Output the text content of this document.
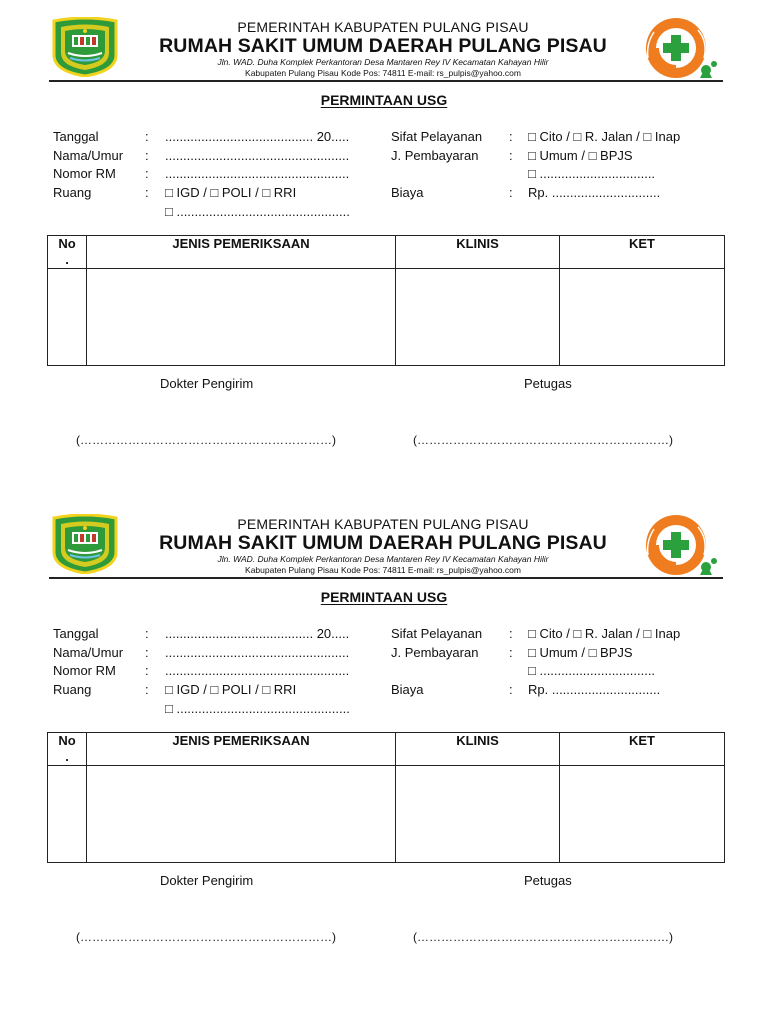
PEMERINTAH KABUPATEN PULANG PISAU
RUMAH SAKIT UMUM DAERAH PULANG PISAU
Jln. WAD. Duha Komplek Perkantoran Desa Mantaren Rey IV Kecamatan Kahayan Hilir
Kabupaten Pulang Pisau Kode Pos: 74811 E-mail: rs_pulpis@yahoo.com
PERMINTAAN USG
Tanggal	: ......................................... 20.....
Nama/Umur : ...................................................
Nomor RM : ...................................................
Ruang	: □ IGD / □ POLI / □ RRI
□ ................................................
Sifat Pelayanan : □ Cito / □ R. Jalan / □ Inap
J. Pembayaran : □ Umum / □ BPJS
□ ................................
Biaya	: Rp. ..............................
No
.	JENIS PEMERIKSAAN	KLINIS	KET

Dokter Pengirim	Petugas
(………………………………………………………)	(………………………………………………………)
PEMERINTAH KABUPATEN PULANG PISAU
RUMAH SAKIT UMUM DAERAH PULANG PISAU
Jln. WAD. Duha Komplek Perkantoran Desa Mantaren Rey IV Kecamatan Kahayan Hilir
Kabupaten Pulang Pisau Kode Pos: 74811 E-mail: rs_pulpis@yahoo.com
PERMINTAAN USG
Tanggal	: ......................................... 20.....
Nama/Umur : ...................................................
Nomor RM : ...................................................
Ruang	: □ IGD / □ POLI / □ RRI
□ ................................................
Sifat Pelayanan : □ Cito / □ R. Jalan / □ Inap
J. Pembayaran : □ Umum / □ BPJS
□ ................................
Biaya	: Rp. ..............................
No
.	JENIS PEMERIKSAAN	KLINIS	KET

Dokter Pengirim	Petugas
(………………………………………………………)	(………………………………………………………)
